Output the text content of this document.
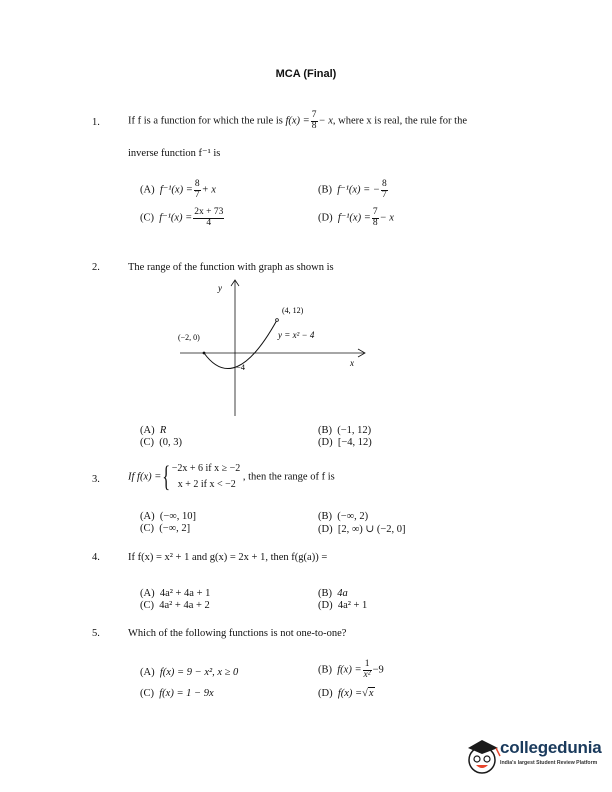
MCA (Final)
1.	If f is a function for which the rule is $f(x) = \frac{7}{8} - x$, where x is real, the rule for the
inverse function f⁻¹ is
(A) $f^{-1}(x) = \frac{8}{7} + x$	(B) f⁻¹(x) = − $\frac{8}{7}$
(C) $f^{-1}(x) = \frac{2x + 73}{4}$	(D) $f^{-1}(x) = \frac{7}{8} - x$
2.	The range of the function with graph as shown is
y
x
(−2, 0)
(4, 12)
−4
y = x² − 4
(A) R	(B) (−1, 12)
(C) (0, 3)	(D) [−4, 12)
3.	If f(x) ={ −2x + 6 if x ≥ −2
x + 2 if x < −2
, then the range of f is
(A) (−∞, 10]	(B) (−∞, 2)
(C) (−∞, 2]	(D) [2, ∞) ∪ (−2, 0]
4.	If f(x) = x² + 1 and g(x) = 2x + 1, then f(g(a)) =
(A) 4a² + 4a + 1	(B) 4a
(C) 4a² + 4a + 2	(D) 4a² + 1
5.	Which of the following functions is not one-to-one?
(A) f(x) = 9 − x², x ≥ 0	(B) $f(x) = \frac{1}{\text{x²}} -9$
(C) f(x) = 1 − 9x	(D) f(x) =√x
collegedunia
India's largest Student Review Platform
